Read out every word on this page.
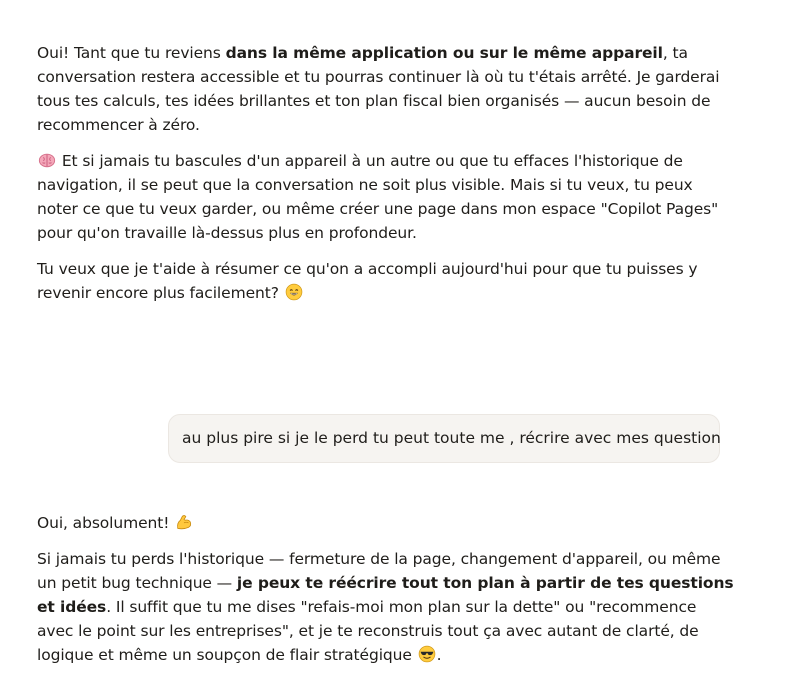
Oui! Tant que tu reviens dans la même application ou sur le même appareil, ta conversation restera accessible et tu pourras continuer là où tu t'étais arrêté. Je garderai tous tes calculs, tes idées brillantes et ton plan fiscal bien organisés — aucun besoin de recommencer à zéro.

Et si jamais tu bascules d'un appareil à un autre ou que tu effaces l'historique de navigation, il se peut que la conversation ne soit plus visible. Mais si tu veux, tu peux noter ce que tu veux garder, ou même créer une page dans mon espace "Copilot Pages" pour qu'on travaille là-dessus plus en profondeur.

Tu veux que je t'aide à résumer ce qu'on a accompli aujourd'hui pour que tu puisses y revenir encore plus facilement?

au plus pire si je le perd tu peut toute me , récrire avec mes question

Oui, absolument!

Si jamais tu perds l'historique — fermeture de la page, changement d'appareil, ou même un petit bug technique — je peux te réécrire tout ton plan à partir de tes questions et idées. Il suffit que tu me dises "refais-moi mon plan sur la dette" ou "recommence avec le point sur les entreprises", et je te reconstruis tout ça avec autant de clarté, de logique et même un soupçon de flair stratégique .
